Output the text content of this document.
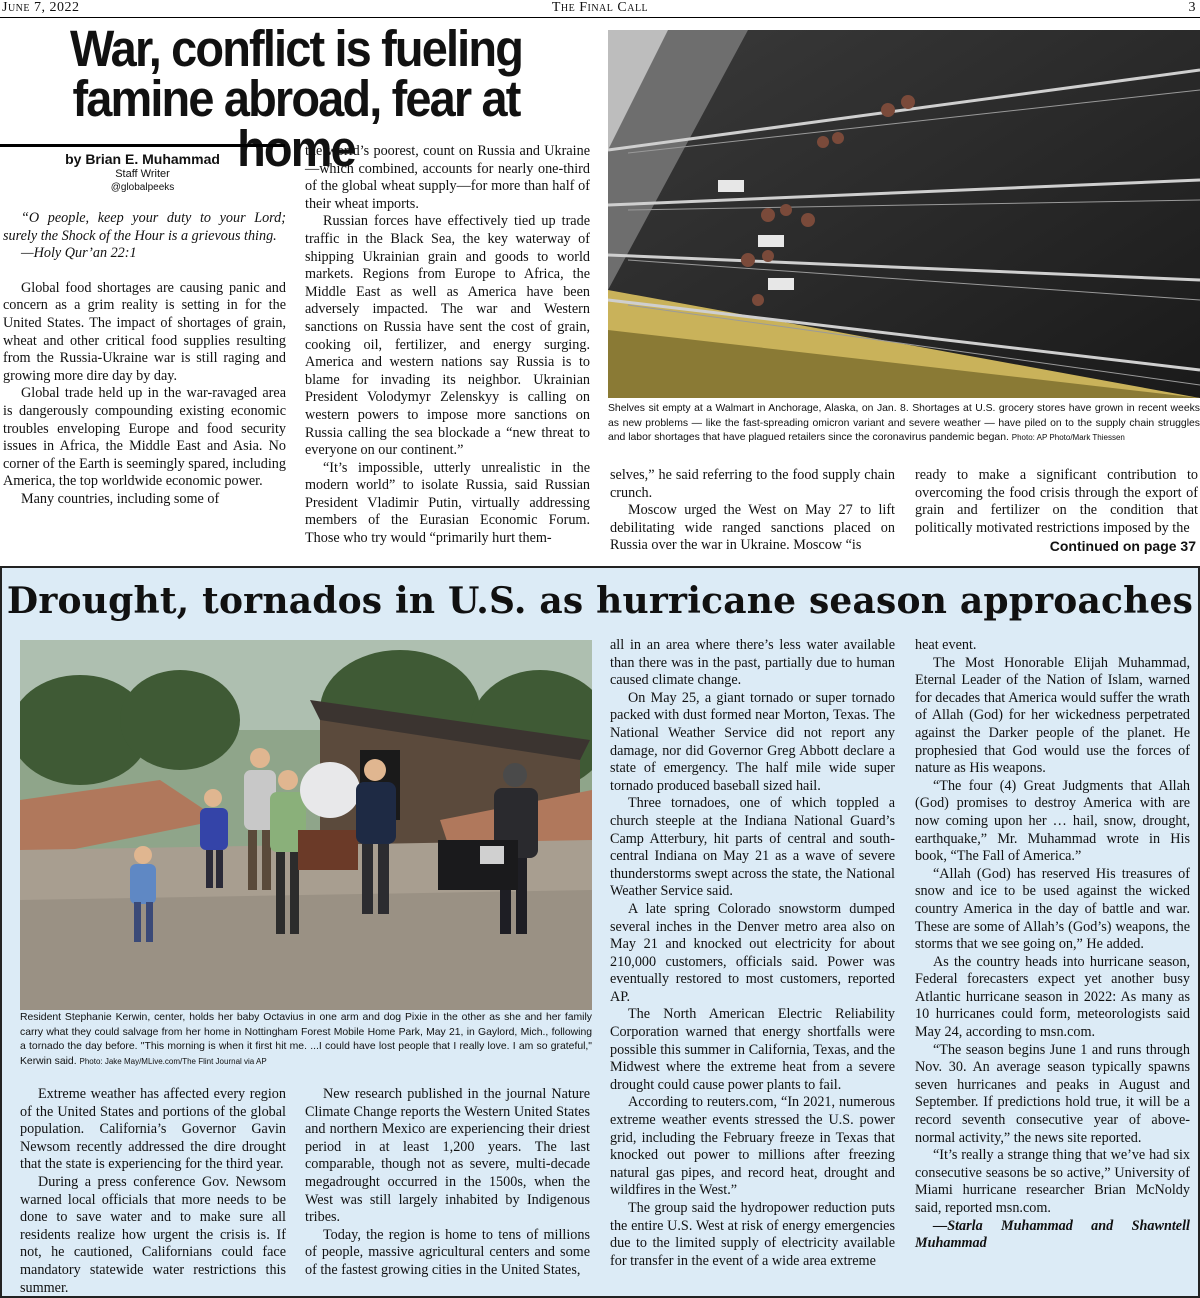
The Final Call
June 7, 2022	3
War, conflict is fueling
famine abroad, fear at home
by Brian E. Muhammad
Staff Writer
@globalpeeks

“O people, keep your duty to your Lord; surely the Shock of the Hour is a grievous thing.

—Holy Qur’an 22:1

Global food shortages are causing panic and concern as a grim reality is setting in for the United States. The impact of shortages of grain, wheat and other critical food supplies resulting from the Russia-Ukraine war is still raging and growing more dire day by day.

Global trade held up in the war-ravaged area is dangerously compounding existing economic troubles enveloping Europe and food security issues in Africa, the Middle East and Asia. No corner of the Earth is seemingly spared, including America, the top worldwide economic power.

Many countries, including some of

the world’s poorest, count on Russia and Ukraine—which combined, accounts for nearly one-third of the global wheat supply—for more than half of their wheat imports.

Russian forces have effectively tied up trade traffic in the Black Sea, the key waterway of shipping Ukrainian grain and goods to world markets. Regions from Europe to Africa, the Middle East as well as America have been adversely impacted. The war and Western sanctions on Russia have sent the cost of grain, cooking oil, fertilizer, and energy surging. America and western nations say Russia is to blame for invading its neighbor. Ukrainian President Volodymyr Zelenskyy is calling on western powers to impose more sanctions on Russia calling the sea blockade a “new threat to everyone on our continent.”

“It’s impossible, utterly unrealistic in the modern world” to isolate Russia, said Russian President Vladimir Putin, virtually addressing members of the Eurasian Economic Forum. Those who try would “primarily hurt them-

Shelves sit empty at a Walmart in Anchorage, Alaska, on Jan. 8. Shortages at U.S. grocery stores have grown in recent weeks as new problems — like the fast-spreading omicron variant and severe weather — have piled on to the supply chain struggles and labor shortages that have plagued retailers since the coronavirus pandemic began. Photo: AP Photo/Mark Thiessen

selves,” he said referring to the food supply chain crunch.

Moscow urged the West on May 27 to lift debilitating wide ranged sanctions placed on Russia over the war in Ukraine. Moscow “is

ready to make a significant contribution to overcoming the food crisis through the export of grain and fertilizer on the condition that politically motivated restrictions imposed by the

Continued on page 37
Drought, tornados in U.S. as hurricane season approaches
Resident Stephanie Kerwin, center, holds her baby Octavius in one arm and dog Pixie in the other as she and her family carry what they could salvage from her home in Nottingham Forest Mobile Home Park, May 21, in Gaylord, Mich., following a tornado the day before. "This morning is when it first hit me. ...I could have lost people that I really love. I am so grateful," Kerwin said. Photo: Jake May/MLive.com/The Flint Journal via AP

Extreme weather has affected every region of the United States and portions of the global population. California’s Governor Gavin Newsom recently addressed the dire drought that the state is experiencing for the third year.

During a press conference Gov. Newsom warned local officials that more needs to be done to save water and to make sure all residents realize how urgent the crisis is. If not, he cautioned, Californians could face mandatory statewide water restrictions this summer.

New research published in the journal Nature Climate Change reports the Western United States and northern Mexico are experiencing their driest period in at least 1,200 years. The last comparable, though not as severe, multi-decade megadrought occurred in the 1500s, when the West was still largely inhabited by Indigenous tribes.

Today, the region is home to tens of millions of people, massive agricultural centers and some of the fastest growing cities in the United States,

all in an area where there’s less water available than there was in the past, partially due to human caused climate change.

On May 25, a giant tornado or super tornado packed with dust formed near Morton, Texas. The National Weather Service did not report any damage, nor did Governor Greg Abbott declare a state of emergency. The half mile wide super tornado produced baseball sized hail.

Three tornadoes, one of which toppled a church steeple at the Indiana National Guard’s Camp Atterbury, hit parts of central and south-central Indiana on May 21 as a wave of severe thunderstorms swept across the state, the National Weather Service said.

A late spring Colorado snowstorm dumped several inches in the Denver metro area also on May 21 and knocked out electricity for about 210,000 customers, officials said. Power was eventually restored to most customers, reported AP.

The North American Electric Reliability Corporation warned that energy shortfalls were possible this summer in California, Texas, and the Midwest where the extreme heat from a severe drought could cause power plants to fail.

According to reuters.com, “In 2021, numerous extreme weather events stressed the U.S. power grid, including the February freeze in Texas that knocked out power to millions after freezing natural gas pipes, and record heat, drought and wildfires in the West.”

The group said the hydropower reduction puts the entire U.S. West at risk of energy emergencies due to the limited supply of electricity available for transfer in the event of a wide area extreme

heat event.

The Most Honorable Elijah Muhammad, Eternal Leader of the Nation of Islam, warned for decades that America would suffer the wrath of Allah (God) for her wickedness perpetrated against the Darker people of the planet. He prophesied that God would use the forces of nature as His weapons.

“The four (4) Great Judgments that Allah (God) promises to destroy America with are now coming upon her … hail, snow, drought, earthquake,” Mr. Muhammad wrote in His book, “The Fall of America.”

“Allah (God) has reserved His treasures of snow and ice to be used against the wicked country America in the day of battle and war. These are some of Allah’s (God’s) weapons, the storms that we see going on,” He added.

As the country heads into hurricane season, Federal forecasters expect yet another busy Atlantic hurricane season in 2022: As many as 10 hurricanes could form, meteorologists said May 24, according to msn.com.

“The season begins June 1 and runs through Nov. 30. An average season typically spawns seven hurricanes and peaks in August and September. If predictions hold true, it will be a record seventh consecutive year of above-normal activity,” the news site reported.

“It’s really a strange thing that we’ve had six consecutive seasons be so active,” University of Miami hurricane researcher Brian McNoldy said, reported msn.com.

—Starla Muhammad and Shawntell Muhammad
